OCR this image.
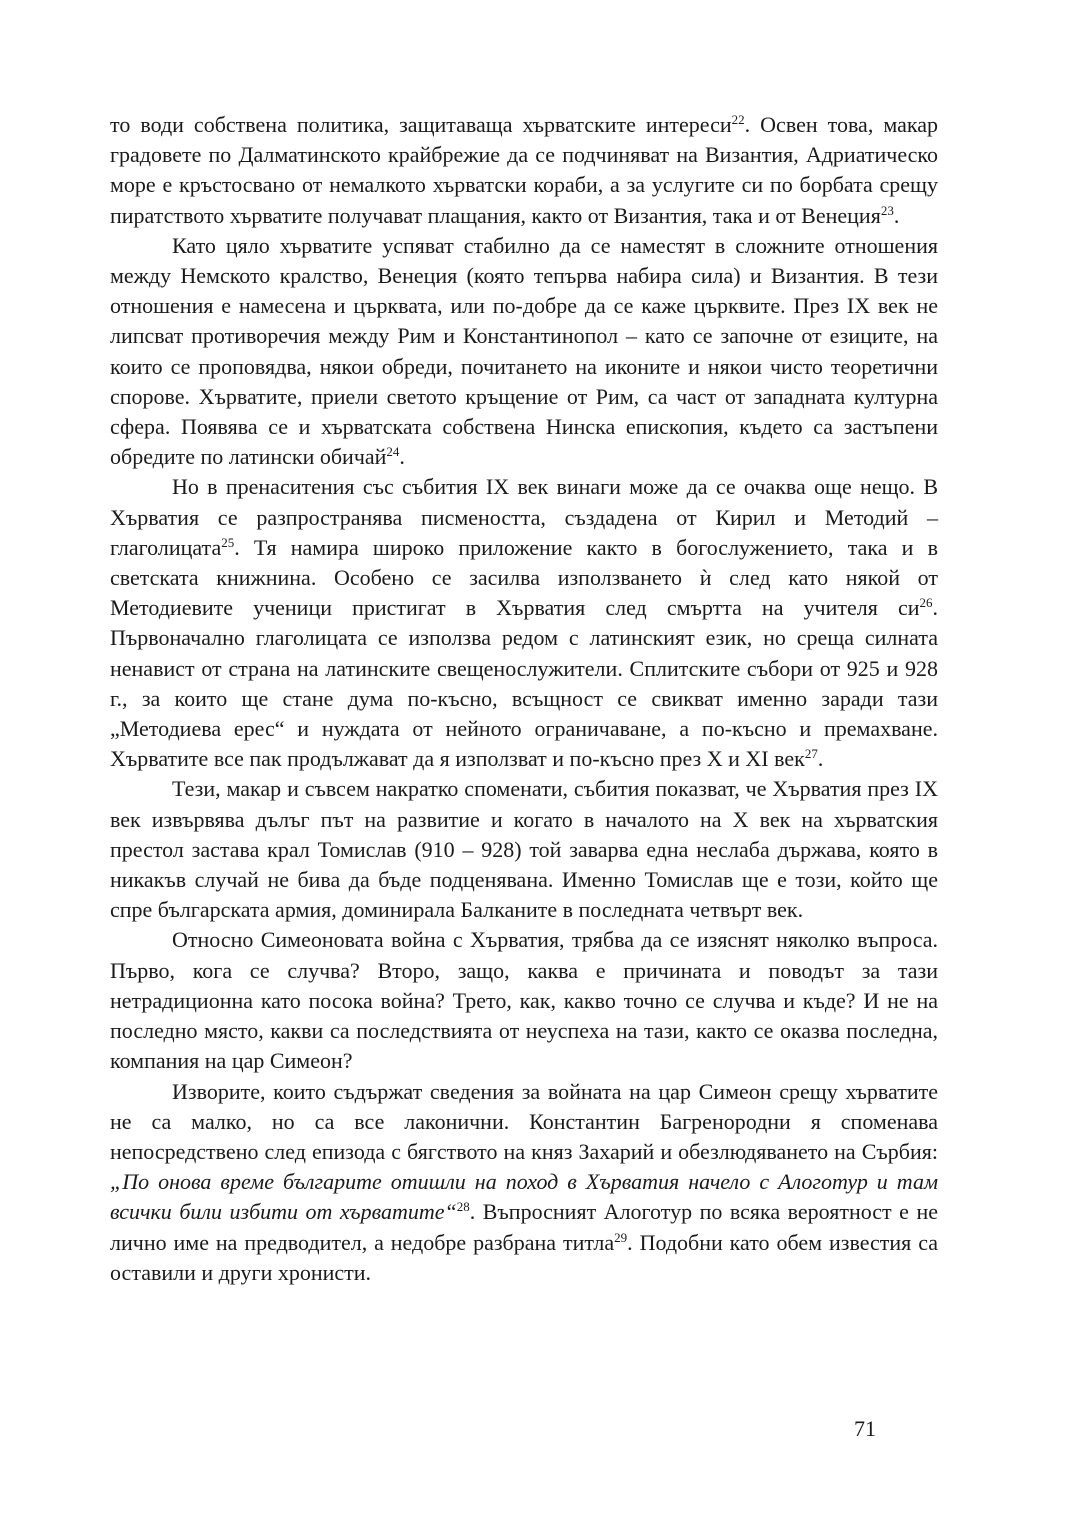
то води собствена политика, защитаваща хърватските интереси$^{22}$. Освен това, макар градовете по Далматинското крайбрежие да се подчиняват на Византия, Адриатическо море е кръстосвано от немалкото хърватски кораби, а за услугите си по борбата срещу пиратството хърватите получават плащания, както от Византия, така и от Венеция$^{23}$.

Като цяло хърватите успяват стабилно да се наместят в сложните отношения между Немското кралство, Венеция (която тепърва набира сила) и Византия. В тези отношения е намесена и църквата, или по-добре да се каже църквите. През IX век не липсват противоречия между Рим и Константинопол – като се започне от езиците, на които се проповядва, някои обреди, почитането на иконите и някои чисто теоретични спорове. Хърватите, приели светото кръщение от Рим, са част от западната културна сфера. Появява се и хърватската собствена Нинска епископия, където са застъпени обредите по латински обичай$^{24}$.

Но в пренаситения със събития IX век винаги може да се очаква още нещо. В Хърватия се разпространява писмеността, създадена от Кирил и Методий – глаголицата$^{25}$. Тя намира широко приложение както в богослужението, така и в светската книжнина. Особено се засилва използването ѝ след като някой от Методиевите ученици пристигат в Хърватия след смъртта на учителя $си^{26}$. Първоначално глаголицата се използва редом с латинският език, но среща силната ненавист от страна на латинските свещенослужители. Сплитските събори от 925 и 928 г., за които ще стане дума по-късно, всъщност се свикват именно заради тази „Методиева ерес“ и нуждата от нейното ограничаване, а по-късно и премахване. Хърватите все пак продължават да я използват и по-късно през X и XI век$^{27}$.

Тези, макар и съвсем накратко споменати, събития показват, че Хърватия през IX век извървява дълъг път на развитие и когато в началото на X век на хърватския престол застава крал Томислав (910 – 928) той заварва една неслаба държава, която в никакъв случай не бива да бъде подценявана. Именно Томислав ще е този, който ще спре българската армия, доминирала Балканите в последната четвърт век.

Относно Симеоновата война с Хърватия, трябва да се изяснят няколко въпроса. Първо, кога се случва? Второ, защо, каква е причината и поводът за тази нетрадиционна като посока война? Трето, как, какво точно се случва и къде? И не на последно място, какви са последствията от неуспеха на тази, както се оказва последна, компания на цар Симеон?

Изворите, които съдържат сведения за войната на цар Симеон срещу хърватите не са малко, но са все лаконични. Константин Багренородни я споменава непосредствено след епизода с бягството на княз Захарий и обезлюдяването на Сърбия: „По онова време българите отишли на поход в Хърватия начело с Алоготур и там всички били избити от хърватите“$^{28}$. Въпросният Алоготур по всяка вероятност е не лично име на предводител, а недобре разбрана титла$^{29}$. Подобни като обем известия са оставили и други хронисти.

71
